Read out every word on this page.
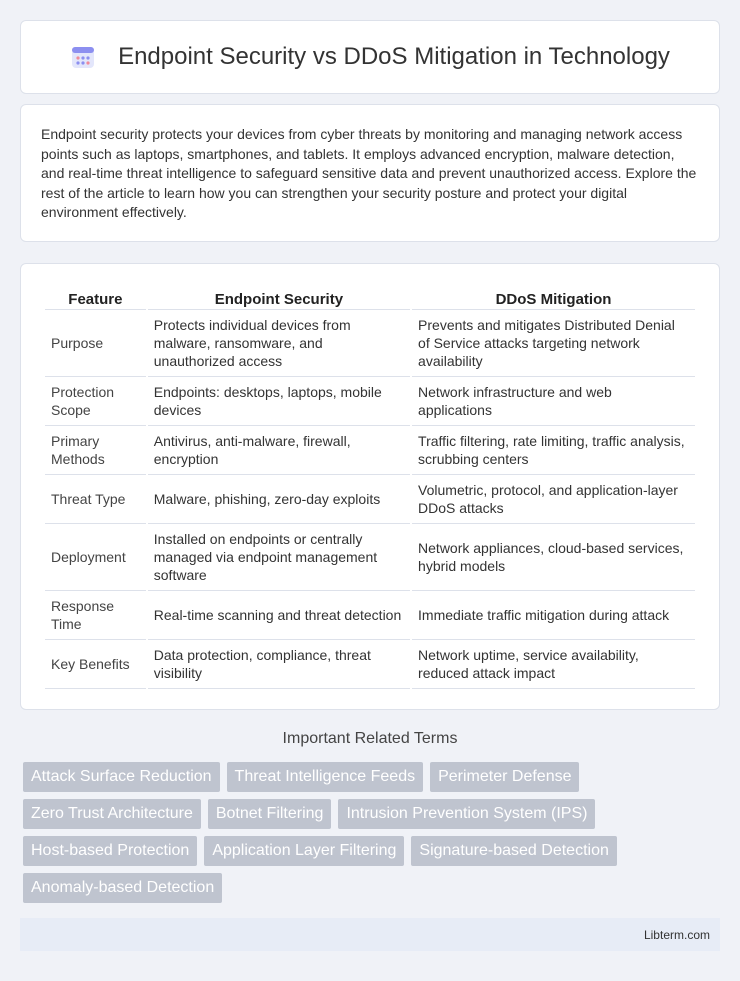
Endpoint Security vs DDoS Mitigation in Technology

Endpoint security protects your devices from cyber threats by monitoring and managing network access points such as laptops, smartphones, and tablets. It employs advanced encryption, malware detection, and real-time threat intelligence to safeguard sensitive data and prevent unauthorized access. Explore the rest of the article to learn how you can strengthen your security posture and protect your digital environment effectively.

Feature	Endpoint Security	DDoS Mitigation
Purpose	Protects individual devices from malware, ransomware, and unauthorized access	Prevents and mitigates Distributed Denial of Service attacks targeting network availability
Protection Scope	Endpoints: desktops, laptops, mobile devices	Network infrastructure and web applications
Primary Methods	Antivirus, anti-malware, firewall, encryption	Traffic filtering, rate limiting, traffic analysis, scrubbing centers
Threat Type	Malware, phishing, zero-day exploits	Volumetric, protocol, and application-layer DDoS attacks
Deployment	Installed on endpoints or centrally managed via endpoint management software	Network appliances, cloud-based services, hybrid models
Response Time	Real-time scanning and threat detection	Immediate traffic mitigation during attack
Key Benefits	Data protection, compliance, threat visibility	Network uptime, service availability, reduced attack impact
Important Related Terms
Attack Surface Reduction	Threat Intelligence Feeds	Perimeter Defense
Zero Trust Architecture	Botnet Filtering	Intrusion Prevention System (IPS)
Host-based Protection	Application Layer Filtering	Signature-based Detection
Anomaly-based Detection
Libterm.com
